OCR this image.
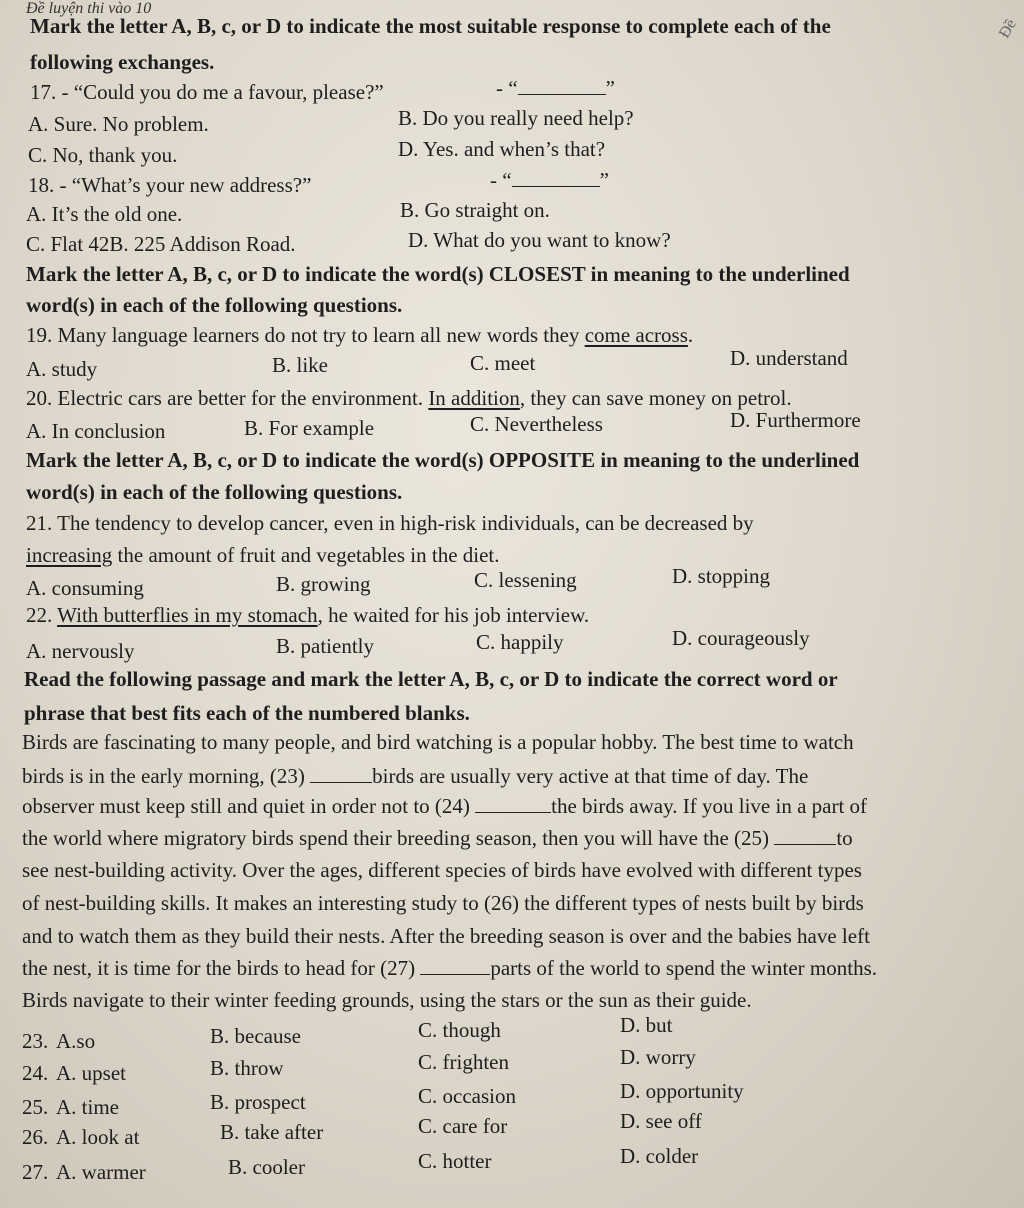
Đề luyện thi vào 10
Đề
Mark the letter A, B, c, or D to indicate the most suitable response to complete each of the
following exchanges.
17. - “Could you do me a favour, please?”	- “	”
A. Sure. No problem.	B. Do you really need help?
C. No, thank you.	D. Yes. and when’s that?
18. - “What’s your new address?”	- “	”
A. It’s the old one.	B. Go straight on.
C. Flat 42B. 225 Addison Road.	D. What do you want to know?
Mark the letter A, B, c, or D to indicate the word(s) CLOSEST in meaning to the underlined
word(s) in each of the following questions.
19. Many language learners do not try to learn all new words they come across.
A. study	B. like	C. meet	D. understand
20. Electric cars are better for the environment. In addition, they can save money on petrol.
A. In conclusion	B. For example	C. Nevertheless	D. Furthermore
Mark the letter A, B, c, or D to indicate the word(s) OPPOSITE in meaning to the underlined
word(s) in each of the following questions.
21. The tendency to develop cancer, even in high-risk individuals, can be decreased by
increasing the amount of fruit and vegetables in the diet.
A. consuming	B. growing	C. lessening	D. stopping
22. With butterflies in my stomach, he waited for his job interview.
A. nervously	B. patiently	C. happily	D. courageously
Read the following passage and mark the letter A, B, c, or D to indicate the correct word or
phrase that best fits each of the numbered blanks.
Birds are fascinating to many people, and bird watching is a popular hobby. The best time to watch
birds is in the early morning, (23)	birds are usually very active at that time of day. The
observer must keep still and quiet in order not to (24)	the birds away. If you live in a part of
the world where migratory birds spend their breeding season, then you will have the (25)	to
see nest-building activity. Over the ages, different species of birds have evolved with different types
of nest-building skills. It makes an interesting study to (26) the different types of nests built by birds
and to watch them as they build their nests. After the breeding season is over and the babies have left
the nest, it is time for the birds to head for (27)	parts of the world to spend the winter months.
Birds navigate to their winter feeding grounds, using the stars or the sun as their guide.
23. A.so	B. because	C. though	D. but
24. A. upset	B. throw	C. frighten	D. worry
25. A. time	B. prospect	C. occasion	D. opportunity
26. A. look at	B. take after	C. care for	D. see off
27. A. warmer	B. cooler	C. hotter	D. colder
